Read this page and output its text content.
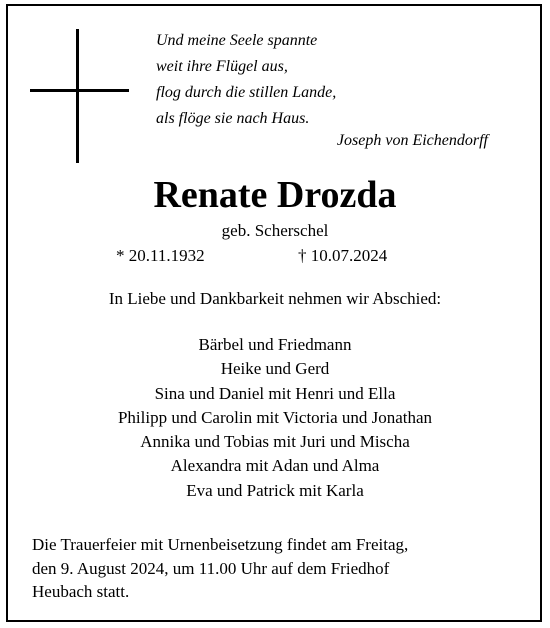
Und meine Seele spannte
weit ihre Flügel aus,
flog durch die stillen Lande,
als flöge sie nach Haus.
Joseph von Eichendorff
Renate Drozda
geb. Scherschel
* 20.11.1932	† 10.07.2024
In Liebe und Dankbarkeit nehmen wir Abschied:
Bärbel und Friedmann
Heike und Gerd
Sina und Daniel mit Henri und Ella
Philipp und Carolin mit Victoria und Jonathan
Annika und Tobias mit Juri und Mischa
Alexandra mit Adan und Alma
Eva und Patrick mit Karla
Die Trauerfeier mit Urnenbeisetzung findet am Freitag,
den 9. August 2024, um 11.00 Uhr auf dem Friedhof
Heubach statt.
